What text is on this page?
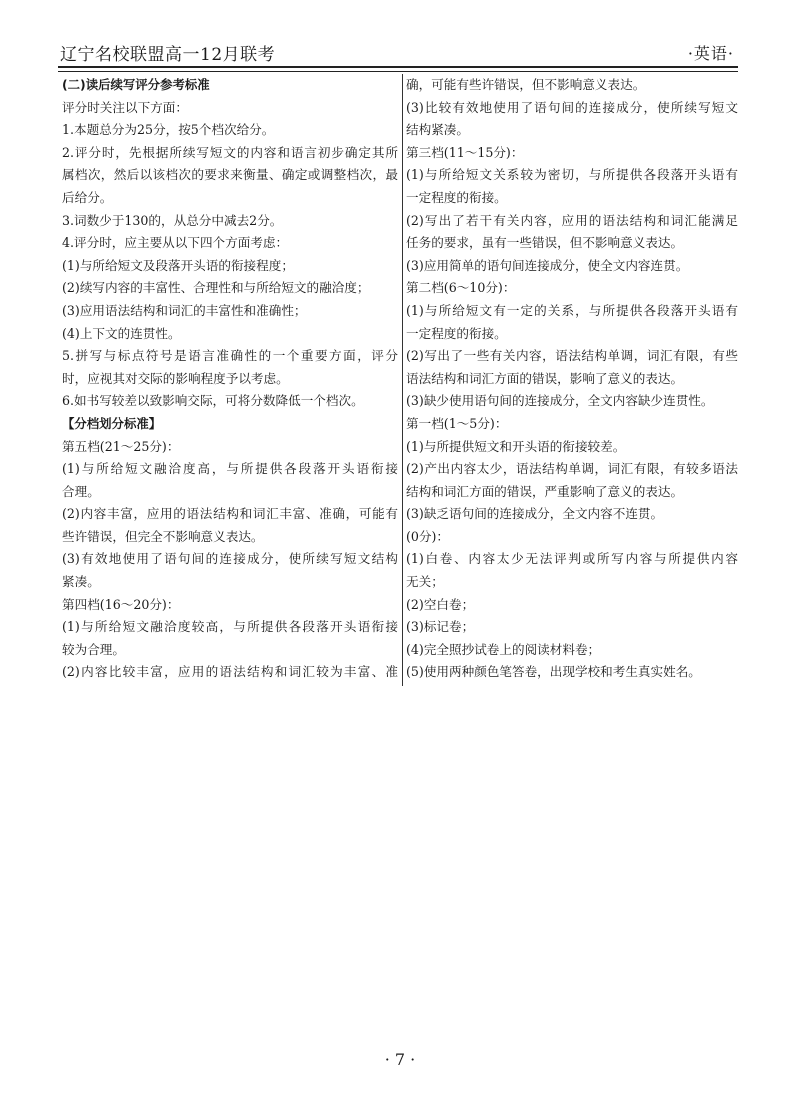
辽宁名校联盟高一12月联考	·英语·
(二)读后续写评分参考标准
评分时关注以下方面：
1.本题总分为25分，按5个档次给分。
2.评分时，先根据所续写短文的内容和语言初步确定其所
属档次，然后以该档次的要求来衡量、确定或调整档次，最
后给分。
3.词数少于130的，从总分中减去2分。
4.评分时，应主要从以下四个方面考虑：
(1)与所给短文及段落开头语的衔接程度；
(2)续写内容的丰富性、合理性和与所给短文的融洽度；
(3)应用语法结构和词汇的丰富性和准确性；
(4)上下文的连贯性。
5.拼写与标点符号是语言准确性的一个重要方面，评分
时，应视其对交际的影响程度予以考虑。
6.如书写较差以致影响交际，可将分数降低一个档次。
【分档划分标准】
第五档(21～25分)：
(1)与所给短文融洽度高，与所提供各段落开头语衔接
合理。
(2)内容丰富，应用的语法结构和词汇丰富、准确，可能有
些许错误，但完全不影响意义表达。
(3)有效地使用了语句间的连接成分，使所续写短文结构
紧凑。
第四档(16～20分)：
(1)与所给短文融洽度较高，与所提供各段落开头语衔接
较为合理。
(2)内容比较丰富，应用的语法结构和词汇较为丰富、准
确，可能有些许错误，但不影响意义表达。
(3)比较有效地使用了语句间的连接成分，使所续写短文
结构紧凑。
第三档(11～15分)：
(1)与所给短文关系较为密切，与所提供各段落开头语有
一定程度的衔接。
(2)写出了若干有关内容，应用的语法结构和词汇能满足
任务的要求，虽有一些错误，但不影响意义表达。
(3)应用简单的语句间连接成分，使全文内容连贯。
第二档(6～10分)：
(1)与所给短文有一定的关系，与所提供各段落开头语有
一定程度的衔接。
(2)写出了一些有关内容，语法结构单调，词汇有限，有些
语法结构和词汇方面的错误，影响了意义的表达。
(3)缺少使用语句间的连接成分，全文内容缺少连贯性。
第一档(1～5分)：
(1)与所提供短文和开头语的衔接较差。
(2)产出内容太少，语法结构单调，词汇有限，有较多语法
结构和词汇方面的错误，严重影响了意义的表达。
(3)缺乏语句间的连接成分，全文内容不连贯。
(0分)：
(1)白卷、内容太少无法评判或所写内容与所提供内容
无关；
(2)空白卷；
(3)标记卷；
(4)完全照抄试卷上的阅读材料卷；
(5)使用两种颜色笔答卷，出现学校和考生真实姓名。
· 7 ·
